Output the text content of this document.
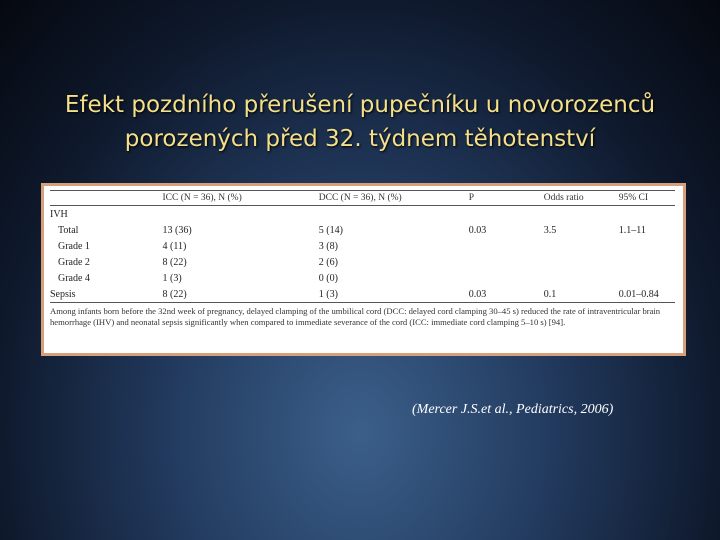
Efekt pozdního přerušení pupečníku u novorozenců
porozených před 32. týdnem těhotenství
	ICC (N = 36), N (%)	DCC (N = 36), N (%)	P	Odds ratio	95% CI
IVH					
Total	13 (36)	5 (14)	0.03	3.5	1.1–11
Grade 1	4 (11)	3 (8)			
Grade 2	8 (22)	2 (6)			
Grade 4	1 (3)	0 (0)			
Sepsis	8 (22)	1 (3)	0.03	0.1	0.01–0.84
Among infants born before the 32nd week of pregnancy, delayed clamping of the umbilical cord (DCC: delayed cord clamping 30–45 s) reduced the rate of intraventricular brain hemorrhage (IHV) and neonatal sepsis significantly when compared to immediate severance of the cord (ICC: immediate cord clamping 5–10 s) [94].
(Mercer J.S.et al., Pediatrics, 2006)
